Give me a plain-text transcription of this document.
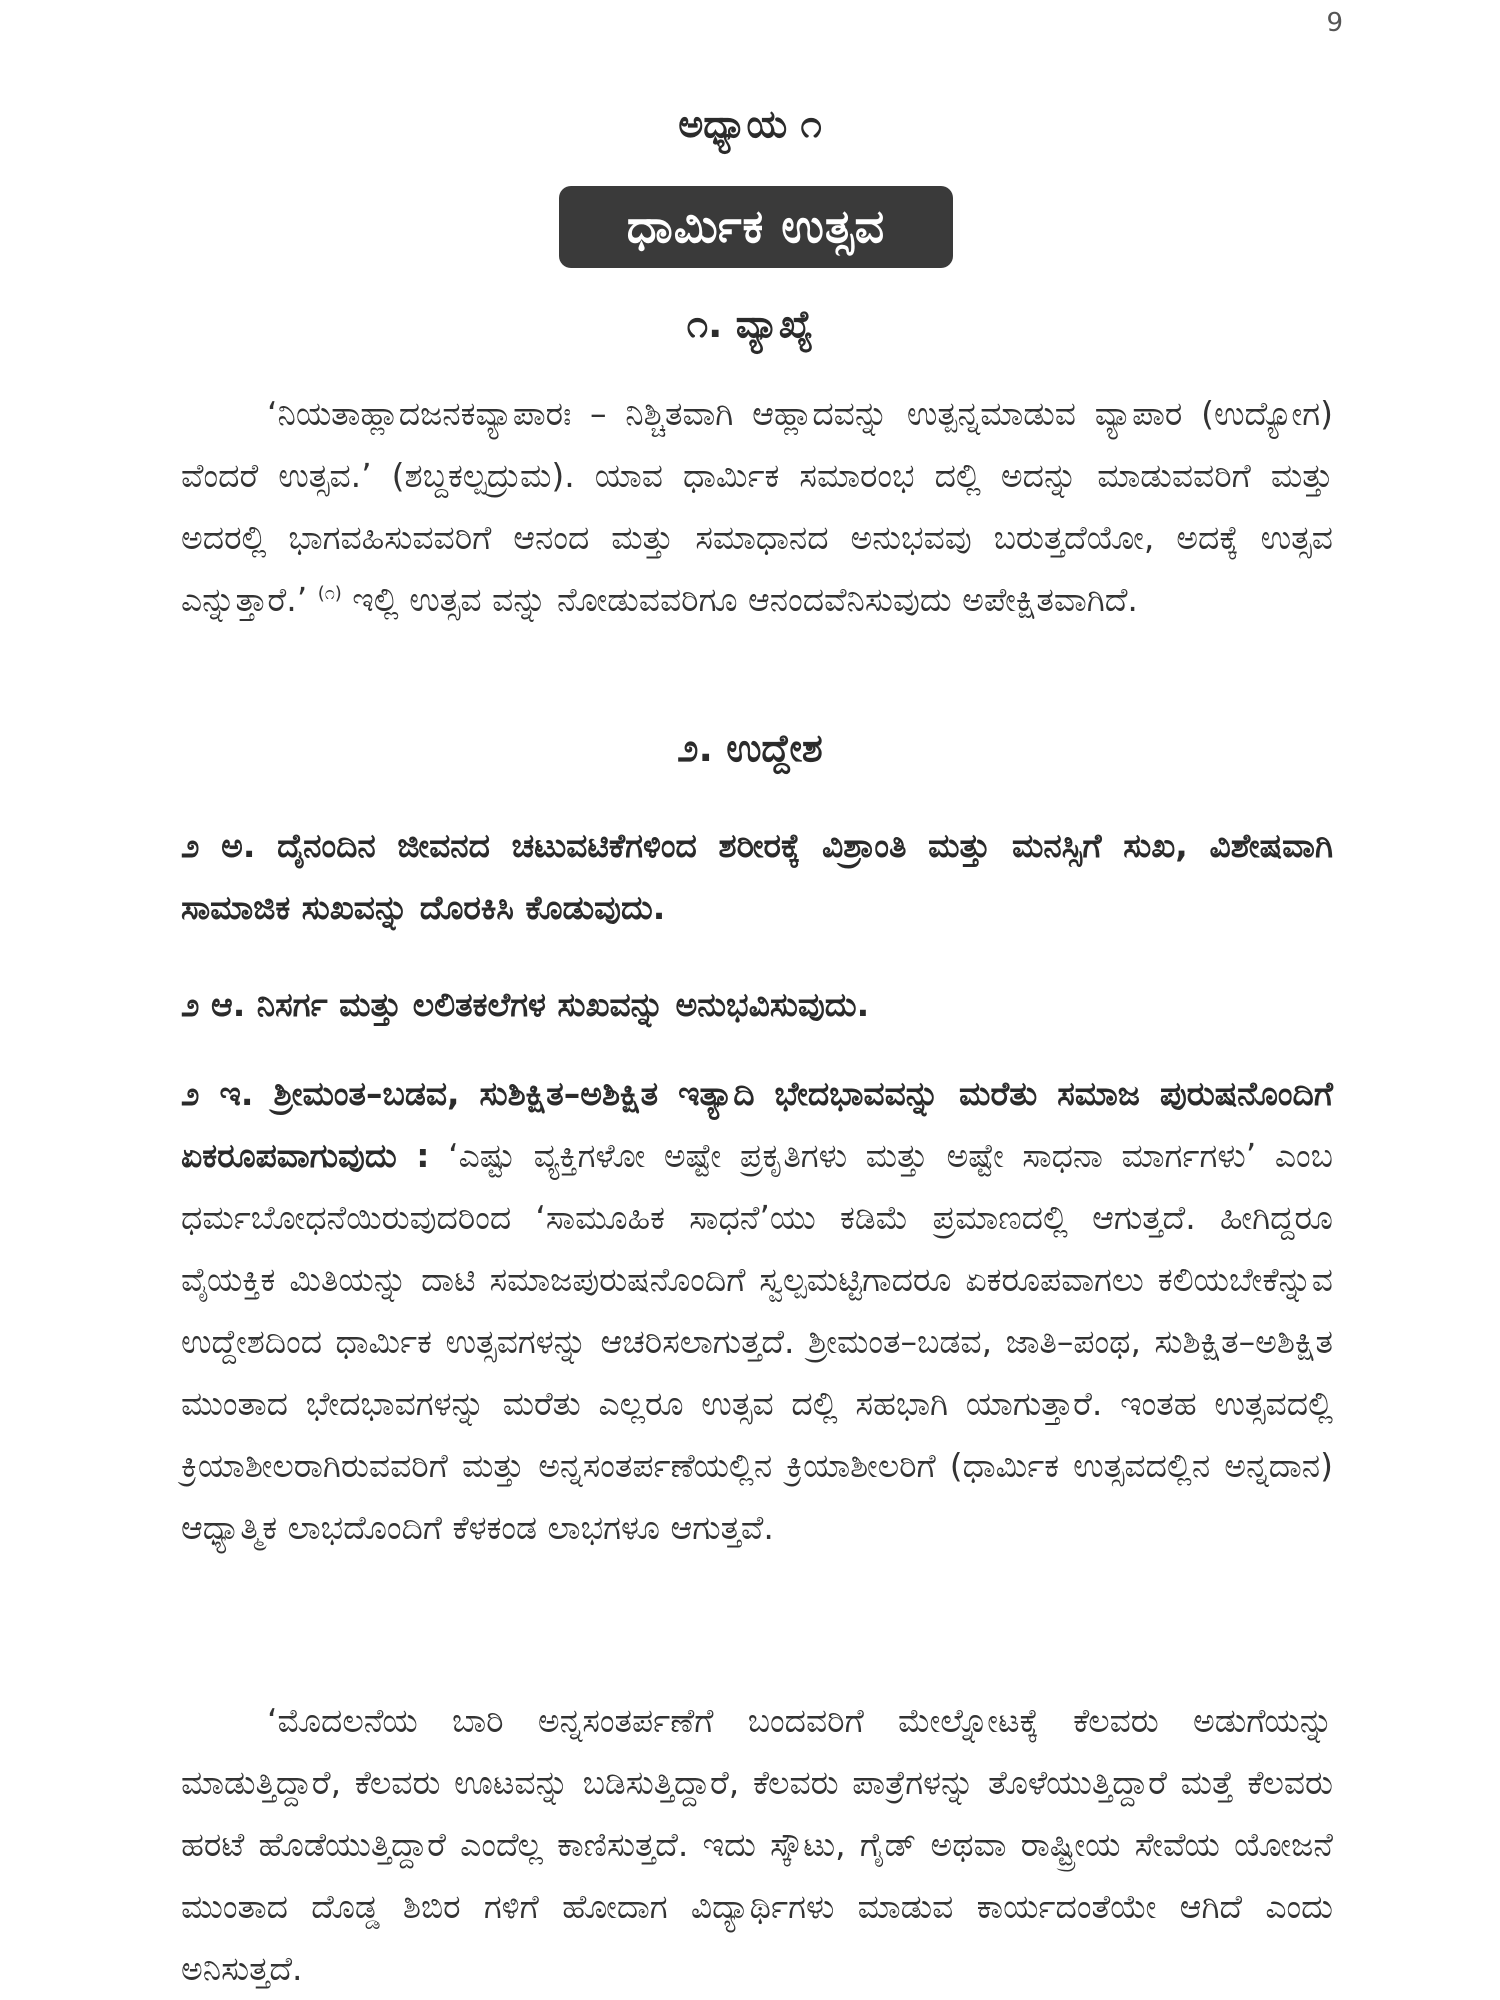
9
ಅಧ್ಯಾಯ ೧
ಧಾರ್ಮಿಕ ಉತ್ಸವ
೧. ವ್ಯಾಖ್ಯೆ
‘ನಿಯತಾಹ್ಲಾದಜನಕವ್ಯಾಪಾರಃ – ನಿಶ್ಚಿತವಾಗಿ ಆಹ್ಲಾದವನ್ನು ಉತ್ಪನ್ನಮಾಡುವ ವ್ಯಾಪಾರ (ಉದ್ಯೋಗ) ವೆಂದರೆ ಉತ್ಸವ.’ (ಶಬ್ದಕಲ್ಪದ್ರುಮ). ಯಾವ ಧಾರ್ಮಿಕ ಸಮಾರಂಭ ದಲ್ಲಿ ಅದನ್ನು ಮಾಡುವವರಿಗೆ ಮತ್ತು ಅದರಲ್ಲಿ ಭಾಗವಹಿಸುವವರಿಗೆ ಆನಂದ ಮತ್ತು ಸಮಾಧಾನದ ಅನುಭವವು ಬರುತ್ತದೆಯೋ, ಅದಕ್ಕೆ ಉತ್ಸವ ಎನ್ನುತ್ತಾರೆ.’ $^{(೧)}$ ಇಲ್ಲಿ ಉತ್ಸವ ವನ್ನು ನೋಡುವವರಿಗೂ ಆನಂದವೆನಿಸುವುದು ಅಪೇಕ್ಷಿತವಾಗಿದೆ.
೨. ಉದ್ದೇಶ
೨ ಅ. ದೈನಂದಿನ ಜೀವನದ ಚಟುವಟಿಕೆಗಳಿಂದ ಶರೀರಕ್ಕೆ ವಿಶ್ರಾಂತಿ ಮತ್ತು ಮನಸ್ಸಿಗೆ ಸುಖ, ವಿಶೇಷವಾಗಿ ಸಾಮಾಜಿಕ ಸುಖವನ್ನು ದೊರಕಿಸಿ ಕೊಡುವುದು.
೨ ಆ. ನಿಸರ್ಗ ಮತ್ತು ಲಲಿತಕಲೆಗಳ ಸುಖವನ್ನು ಅನುಭವಿಸುವುದು.
೨ ಇ. ಶ್ರೀಮಂತ–ಬಡವ, ಸುಶಿಕ್ಷಿತ–ಅಶಿಕ್ಷಿತ ಇತ್ಯಾದಿ ಭೇದಭಾವವನ್ನು ಮರೆತು ಸಮಾಜ ಪುರುಷನೊಂದಿಗೆ ಏಕರೂಪವಾಗುವುದು : ‘ಎಷ್ಟು ವ್ಯಕ್ತಿಗಳೋ ಅಷ್ಟೇ ಪ್ರಕೃತಿಗಳು ಮತ್ತು ಅಷ್ಟೇ ಸಾಧನಾ ಮಾರ್ಗಗಳು’ ಎಂಬ ಧರ್ಮಬೋಧನೆಯಿರುವುದರಿಂದ ‘ಸಾಮೂಹಿಕ ಸಾಧನೆ’ಯು ಕಡಿಮೆ ಪ್ರಮಾಣದಲ್ಲಿ ಆಗುತ್ತದೆ. ಹೀಗಿದ್ದರೂ ವೈಯಕ್ತಿಕ ಮಿತಿಯನ್ನು ದಾಟಿ ಸಮಾಜಪುರುಷನೊಂದಿಗೆ ಸ್ವಲ್ಪಮಟ್ಟಿಗಾದರೂ ಏಕರೂಪವಾಗಲು ಕಲಿಯಬೇಕೆನ್ನುವ ಉದ್ದೇಶದಿಂದ ಧಾರ್ಮಿಕ ಉತ್ಸವಗಳನ್ನು ಆಚರಿಸಲಾಗುತ್ತದೆ. ಶ್ರೀಮಂತ–ಬಡವ, ಜಾತಿ–ಪಂಥ, ಸುಶಿಕ್ಷಿತ–ಅಶಿಕ್ಷಿತ ಮುಂತಾದ ಭೇದಭಾವಗಳನ್ನು ಮರೆತು ಎಲ್ಲರೂ ಉತ್ಸವ ದಲ್ಲಿ ಸಹಭಾಗಿ ಯಾಗುತ್ತಾರೆ. ಇಂತಹ ಉತ್ಸವದಲ್ಲಿ ಕ್ರಿಯಾಶೀಲರಾಗಿರುವವರಿಗೆ ಮತ್ತು ಅನ್ನಸಂತರ್ಪಣೆಯಲ್ಲಿನ ಕ್ರಿಯಾಶೀಲರಿಗೆ (ಧಾರ್ಮಿಕ ಉತ್ಸವದಲ್ಲಿನ ಅನ್ನದಾನ) ಆಧ್ಯಾತ್ಮಿಕ ಲಾಭದೊಂದಿಗೆ ಕೆಳಕಂಡ ಲಾಭಗಳೂ ಆಗುತ್ತವೆ.
‘ಮೊದಲನೆಯ ಬಾರಿ ಅನ್ನಸಂತರ್ಪಣೆಗೆ ಬಂದವರಿಗೆ ಮೇಲ್ನೋಟಕ್ಕೆ ಕೆಲವರು ಅಡುಗೆಯನ್ನು ಮಾಡುತ್ತಿದ್ದಾರೆ, ಕೆಲವರು ಊಟವನ್ನು ಬಡಿಸುತ್ತಿದ್ದಾರೆ, ಕೆಲವರು ಪಾತ್ರೆಗಳನ್ನು ತೊಳೆಯುತ್ತಿದ್ದಾರೆ ಮತ್ತೆ ಕೆಲವರು ಹರಟೆ ಹೊಡೆಯುತ್ತಿದ್ದಾರೆ ಎಂದೆಲ್ಲ ಕಾಣಿಸುತ್ತದೆ. ಇದು ಸ್ಕೌಟು, ಗೈಡ್ ಅಥವಾ ರಾಷ್ಟ್ರೀಯ ಸೇವೆಯ ಯೋಜನೆ ಮುಂತಾದ ದೊಡ್ಡ ಶಿಬಿರ ಗಳಿಗೆ ಹೋದಾಗ ವಿದ್ಯಾರ್ಥಿಗಳು ಮಾಡುವ ಕಾರ್ಯದಂತೆಯೇ ಆಗಿದೆ ಎಂದು ಅನಿಸುತ್ತದೆ.
